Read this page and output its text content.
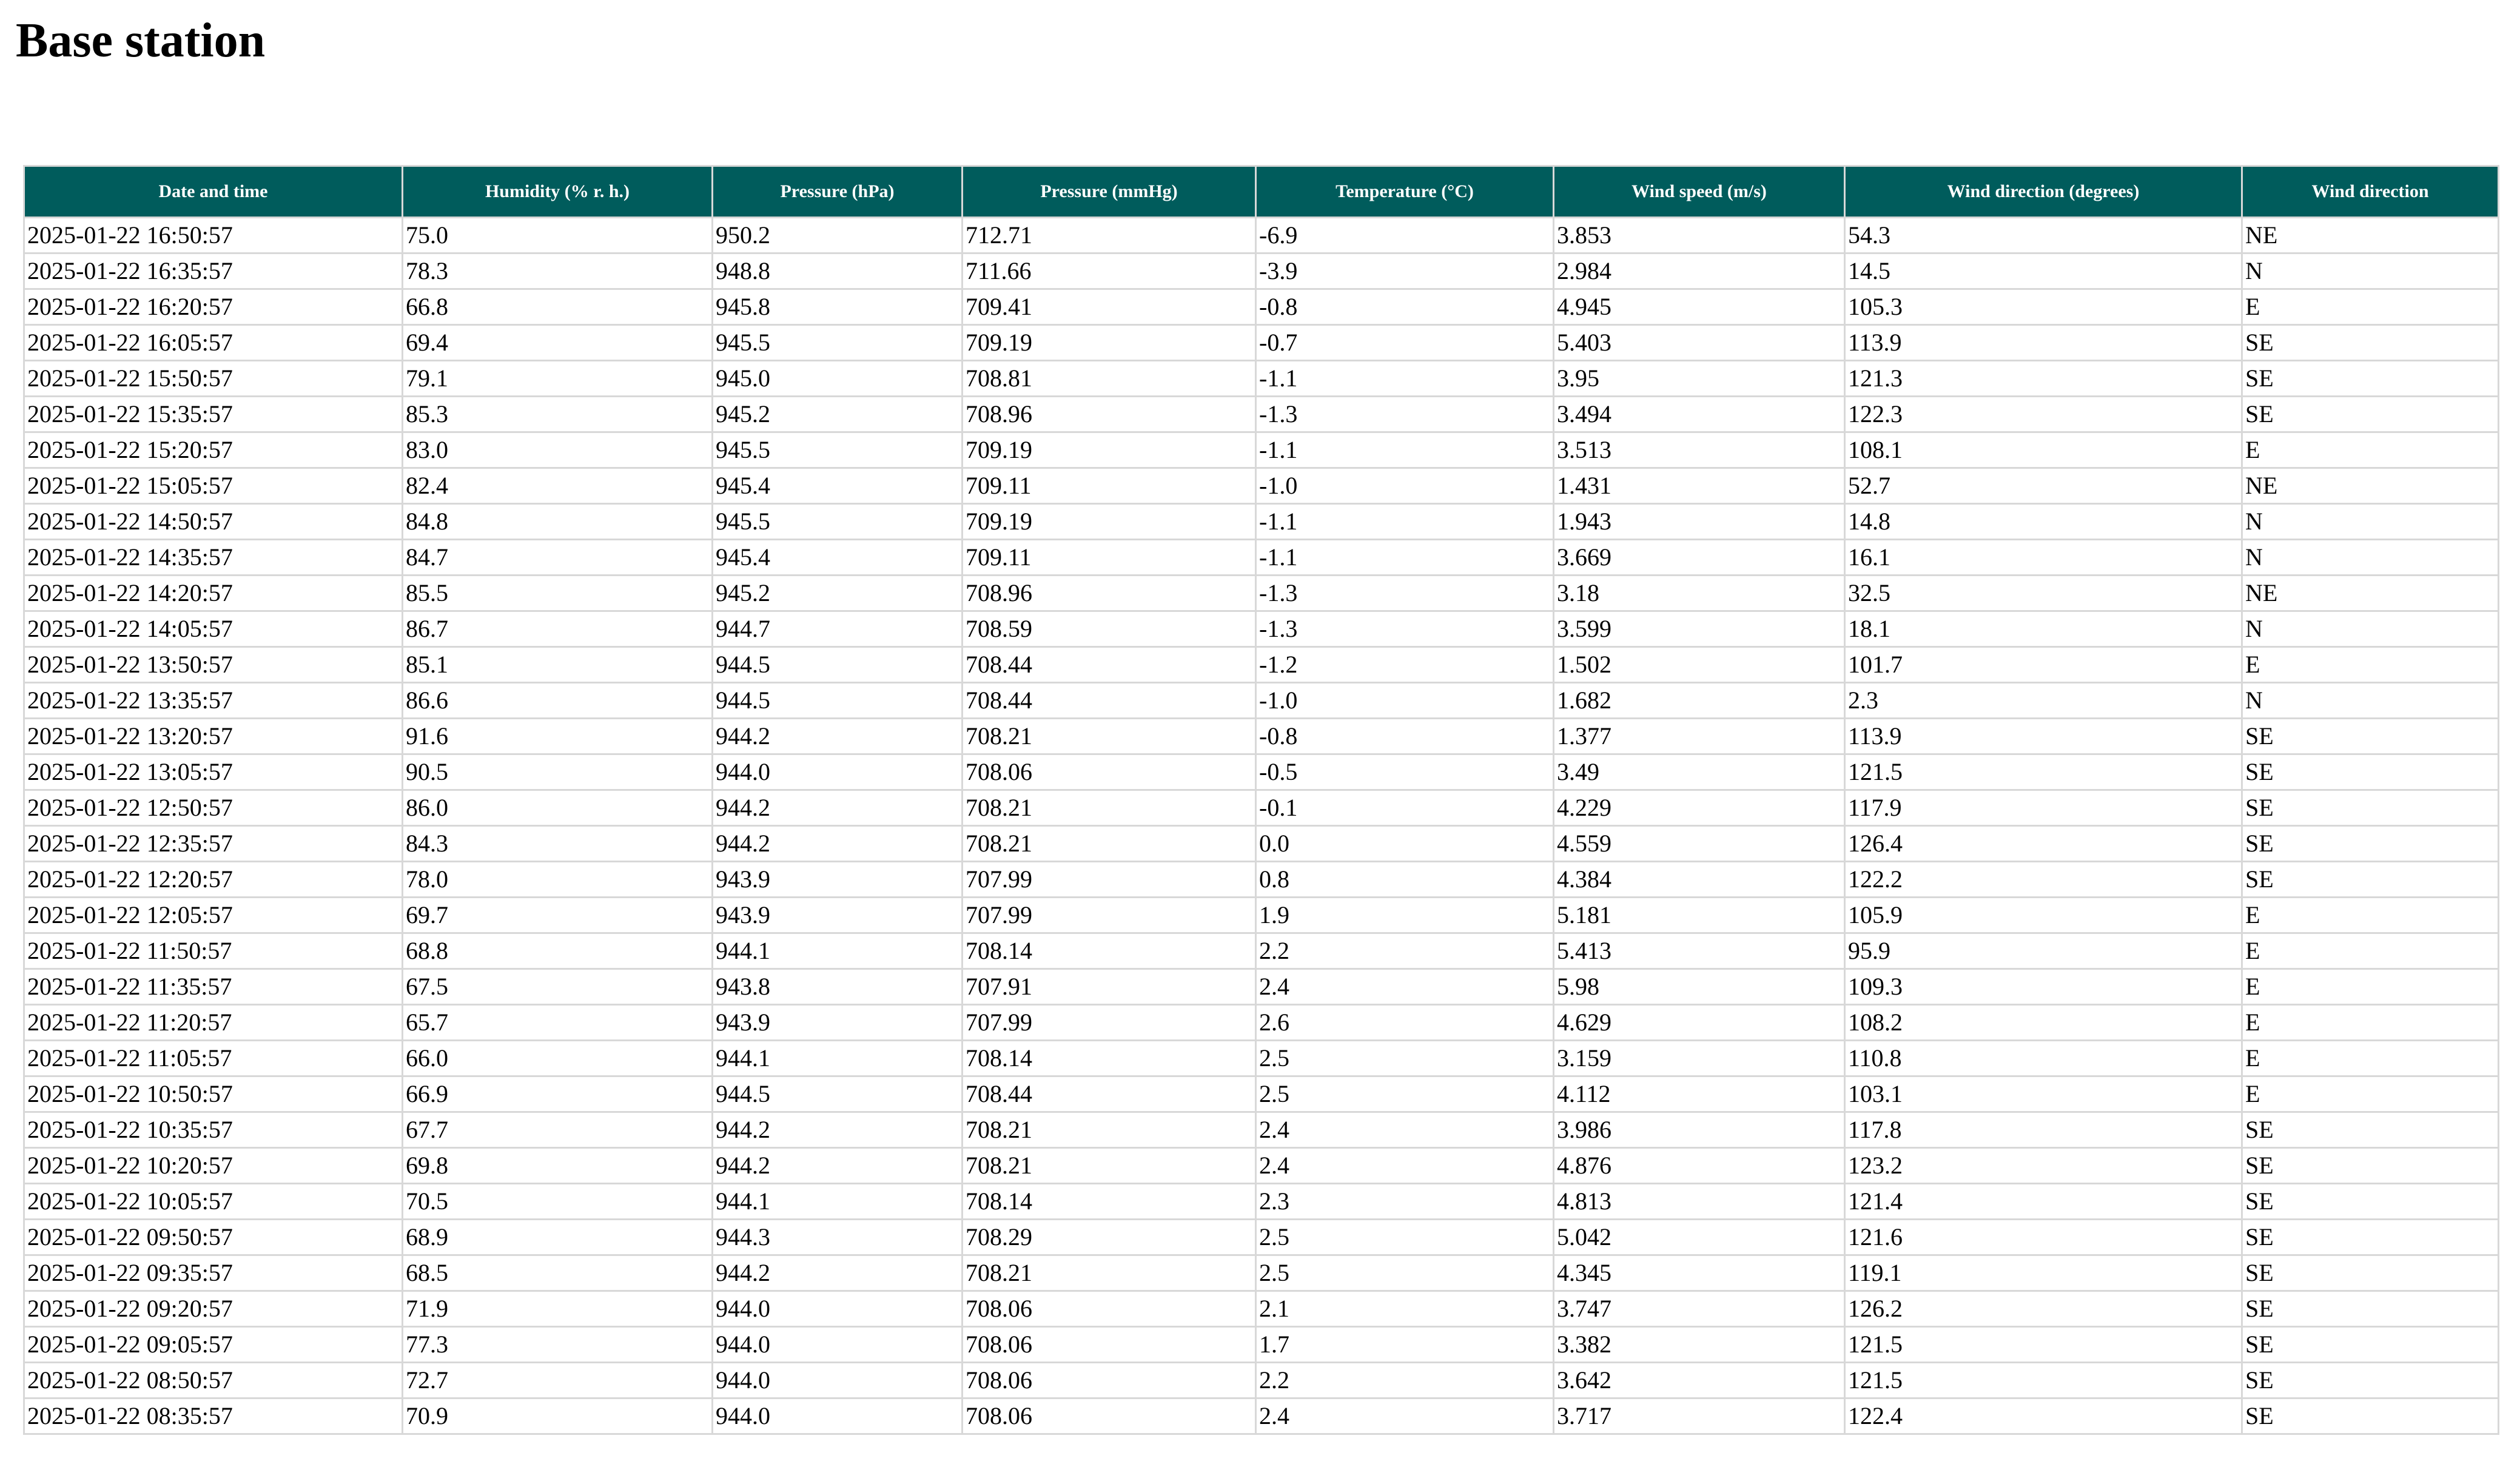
Base station
Date and time	Humidity (% r. h.)	Pressure (hPa)	Pressure (mmHg)	Temperature (°C)	Wind speed (m/s)	Wind direction (degrees)	Wind direction
2025-01-22 16:50:57	75.0	950.2	712.71	-6.9	3.853	54.3	NE
2025-01-22 16:35:57	78.3	948.8	711.66	-3.9	2.984	14.5	N
2025-01-22 16:20:57	66.8	945.8	709.41	-0.8	4.945	105.3	E
2025-01-22 16:05:57	69.4	945.5	709.19	-0.7	5.403	113.9	SE
2025-01-22 15:50:57	79.1	945.0	708.81	-1.1	3.95	121.3	SE
2025-01-22 15:35:57	85.3	945.2	708.96	-1.3	3.494	122.3	SE
2025-01-22 15:20:57	83.0	945.5	709.19	-1.1	3.513	108.1	E
2025-01-22 15:05:57	82.4	945.4	709.11	-1.0	1.431	52.7	NE
2025-01-22 14:50:57	84.8	945.5	709.19	-1.1	1.943	14.8	N
2025-01-22 14:35:57	84.7	945.4	709.11	-1.1	3.669	16.1	N
2025-01-22 14:20:57	85.5	945.2	708.96	-1.3	3.18	32.5	NE
2025-01-22 14:05:57	86.7	944.7	708.59	-1.3	3.599	18.1	N
2025-01-22 13:50:57	85.1	944.5	708.44	-1.2	1.502	101.7	E
2025-01-22 13:35:57	86.6	944.5	708.44	-1.0	1.682	2.3	N
2025-01-22 13:20:57	91.6	944.2	708.21	-0.8	1.377	113.9	SE
2025-01-22 13:05:57	90.5	944.0	708.06	-0.5	3.49	121.5	SE
2025-01-22 12:50:57	86.0	944.2	708.21	-0.1	4.229	117.9	SE
2025-01-22 12:35:57	84.3	944.2	708.21	0.0	4.559	126.4	SE
2025-01-22 12:20:57	78.0	943.9	707.99	0.8	4.384	122.2	SE
2025-01-22 12:05:57	69.7	943.9	707.99	1.9	5.181	105.9	E
2025-01-22 11:50:57	68.8	944.1	708.14	2.2	5.413	95.9	E
2025-01-22 11:35:57	67.5	943.8	707.91	2.4	5.98	109.3	E
2025-01-22 11:20:57	65.7	943.9	707.99	2.6	4.629	108.2	E
2025-01-22 11:05:57	66.0	944.1	708.14	2.5	3.159	110.8	E
2025-01-22 10:50:57	66.9	944.5	708.44	2.5	4.112	103.1	E
2025-01-22 10:35:57	67.7	944.2	708.21	2.4	3.986	117.8	SE
2025-01-22 10:20:57	69.8	944.2	708.21	2.4	4.876	123.2	SE
2025-01-22 10:05:57	70.5	944.1	708.14	2.3	4.813	121.4	SE
2025-01-22 09:50:57	68.9	944.3	708.29	2.5	5.042	121.6	SE
2025-01-22 09:35:57	68.5	944.2	708.21	2.5	4.345	119.1	SE
2025-01-22 09:20:57	71.9	944.0	708.06	2.1	3.747	126.2	SE
2025-01-22 09:05:57	77.3	944.0	708.06	1.7	3.382	121.5	SE
2025-01-22 08:50:57	72.7	944.0	708.06	2.2	3.642	121.5	SE
2025-01-22 08:35:57	70.9	944.0	708.06	2.4	3.717	122.4	SE
